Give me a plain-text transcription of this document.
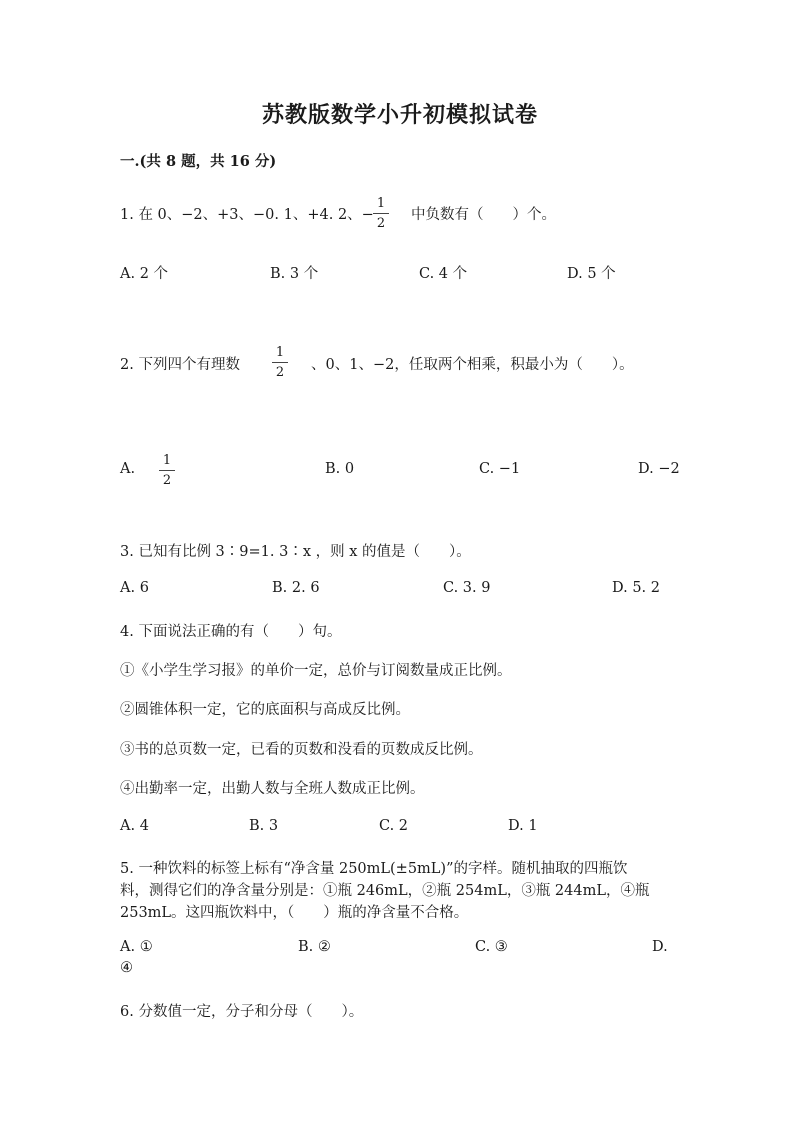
苏教版数学小升初模拟试卷
一.(共 8 题，共 16 分)
1. 在 0、−2、+3、−0. 1、+4. 2、−
1
2
中负数有（　　）个。
A. 2 个	B. 3 个	C. 4 个	D. 5 个
2. 下列四个有理数
1
2 、0、1、−2，任取两个相乘，积最小为（　　）。
A.
1
2
B. 0	C. −1	D. −2
3. 已知有比例 3∶9=1. 3∶x ，则 x 的值是（　　）。
A. 6	B. 2. 6	C. 3. 9	D. 5. 2
4. 下面说法正确的有（　　）句。
①《小学生学习报》的单价一定，总价与订阅数量成正比例。
②圆锥体积一定，它的底面积与高成反比例。
③书的总页数一定，已看的页数和没看的页数成反比例。
④出勤率一定，出勤人数与全班人数成正比例。
A. 4	B. 3	C. 2	D. 1
5. 一种饮料的标签上标有“净含量 250mL(±5mL)”的字样。随机抽取的四瓶饮
料，测得它们的净含量分别是：①瓶 246mL，②瓶 254mL，③瓶 244mL，④瓶
253mL。这四瓶饮料中，（　　）瓶的净含量不合格。
A. ①	B. ②	C. ③	D.
④
6. 分数值一定，分子和分母（　　）。
